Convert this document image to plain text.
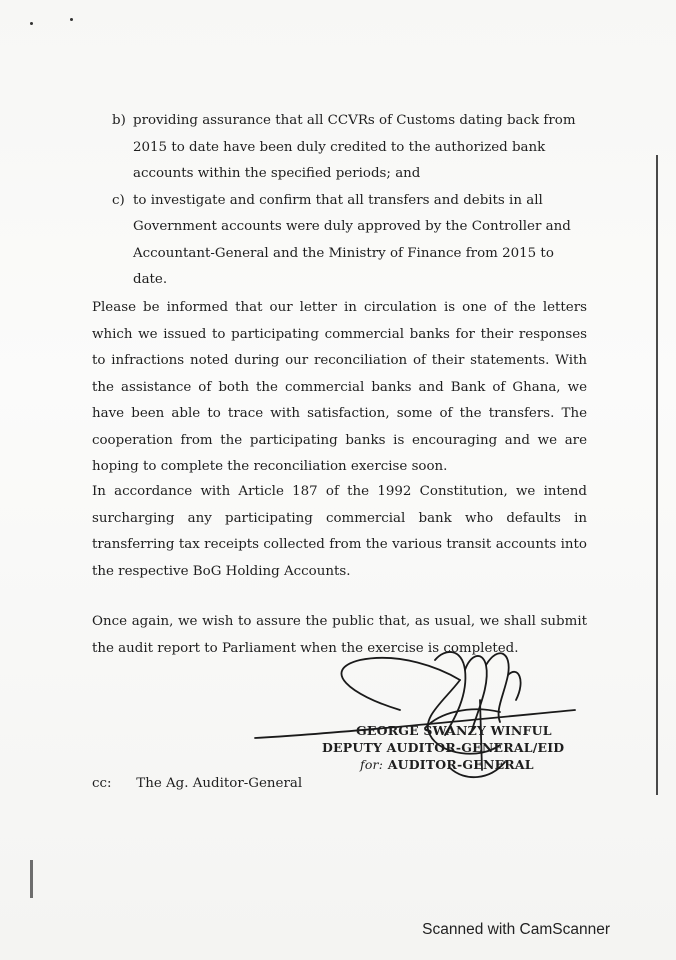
b) providing assurance that all CCVRs of Customs dating back from 2015 to date have been duly credited to the authorized bank accounts within the specified periods; and
c) to investigate and confirm that all transfers and debits in all Government accounts were duly approved by the Controller and Accountant-General and the Ministry of Finance from 2015 to date.
Please be informed that our letter in circulation is one of the letters which we issued to participating commercial banks for their responses to infractions noted during our reconciliation of their statements. With the assistance of both the commercial banks and Bank of Ghana, we have been able to trace with satisfaction, some of the transfers. The cooperation from the participating banks is encouraging and we are hoping to complete the reconciliation exercise soon.
In accordance with Article 187 of the 1992 Constitution, we intend surcharging any participating commercial bank who defaults in transferring tax receipts collected from the various transit accounts into the respective BoG Holding Accounts.
Once again, we wish to assure the public that, as usual, we shall submit the audit report to Parliament when the exercise is completed.
GEORGE SWANZY WINFUL
DEPUTY AUDITOR-GENERAL/EID
for: AUDITOR-GENERAL
cc: The Ag. Auditor-General
Scanned with CamScanner
